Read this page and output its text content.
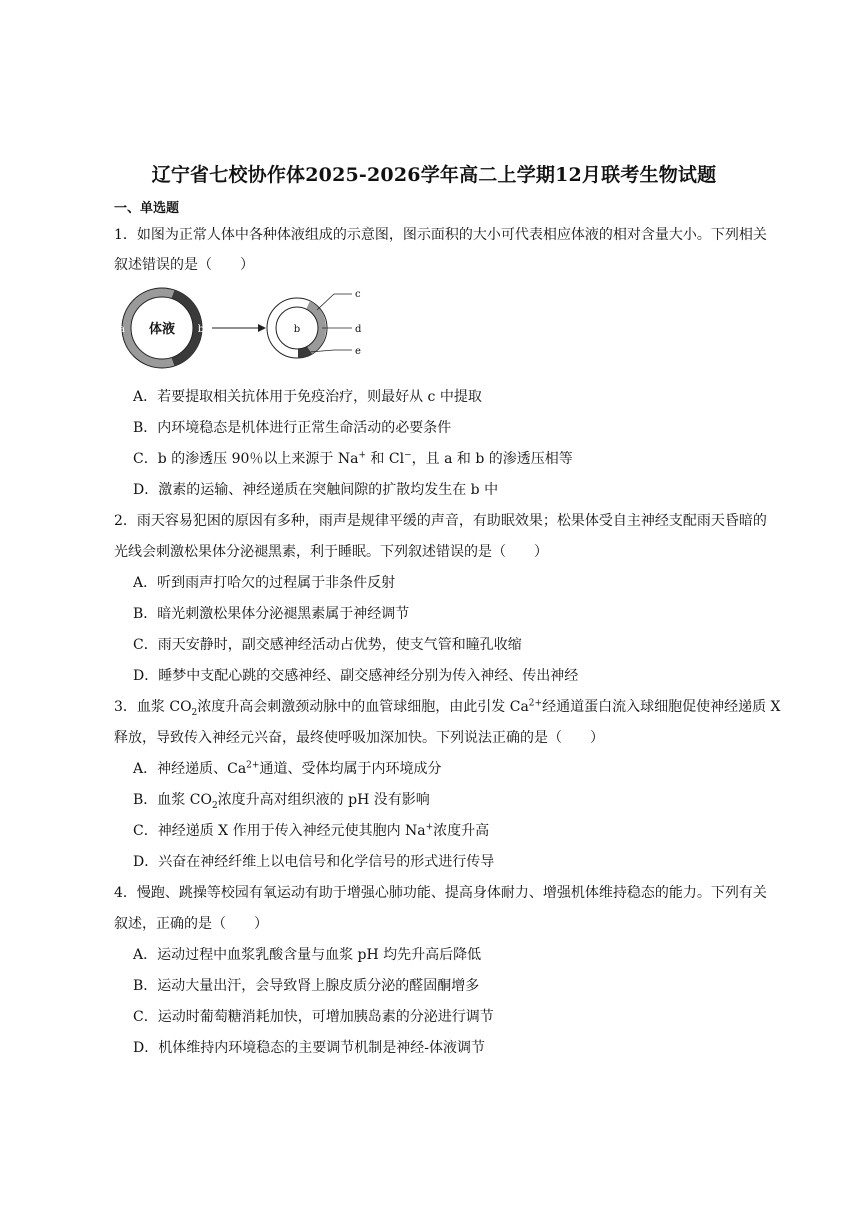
辽宁省七校协作体2025-2026学年高二上学期12月联考生物试题
一、单选题
1．如图为正常人体中各种体液组成的示意图，图示面积的大小可代表相应体液的相对含量大小。下列相关
叙述错误的是（　　）
体液
a	b	b
c
d
e
A．若要提取相关抗体用于免疫治疗，则最好从 c 中提取
B．内环境稳态是机体进行正常生命活动的必要条件
C．b 的渗透压 90％以上来源于 Na+ 和 Cl−，且 a 和 b 的渗透压相等
D．激素的运输、神经递质在突触间隙的扩散均发生在 b 中
2．雨天容易犯困的原因有多种，雨声是规律平缓的声音，有助眠效果；松果体受自主神经支配雨天昏暗的
光线会刺激松果体分泌褪黑素，利于睡眠。下列叙述错误的是（　　）
A．听到雨声打哈欠的过程属于非条件反射
B．暗光刺激松果体分泌褪黑素属于神经调节
C．雨天安静时，副交感神经活动占优势，使支气管和瞳孔收缩
D．睡梦中支配心跳的交感神经、副交感神经分别为传入神经、传出神经
3．血浆 $CO_2$浓度升高会刺激颈动脉中的血管球细胞，由此引发 $Ca^{2+}$经通道蛋白流入球细胞促使神经递质 X
释放，导致传入神经元兴奋，最终使呼吸加深加快。下列说法正确的是（　　）
A．神经递质、$Ca^{2+}$通道、受体均属于内环境成分
B．血浆 $CO_2$浓度升高对组织液的 pH 没有影响
C．神经递质 X 作用于传入神经元使其胞内 Na+浓度升高
D．兴奋在神经纤维上以电信号和化学信号的形式进行传导
4．慢跑、跳操等校园有氧运动有助于增强心肺功能、提高身体耐力、增强机体维持稳态的能力。下列有关
叙述，正确的是（　　）
A．运动过程中血浆乳酸含量与血浆 pH 均先升高后降低
B．运动大量出汗，会导致肾上腺皮质分泌的醛固酮增多
C．运动时葡萄糖消耗加快，可增加胰岛素的分泌进行调节
D．机体维持内环境稳态的主要调节机制是神经-体液调节
